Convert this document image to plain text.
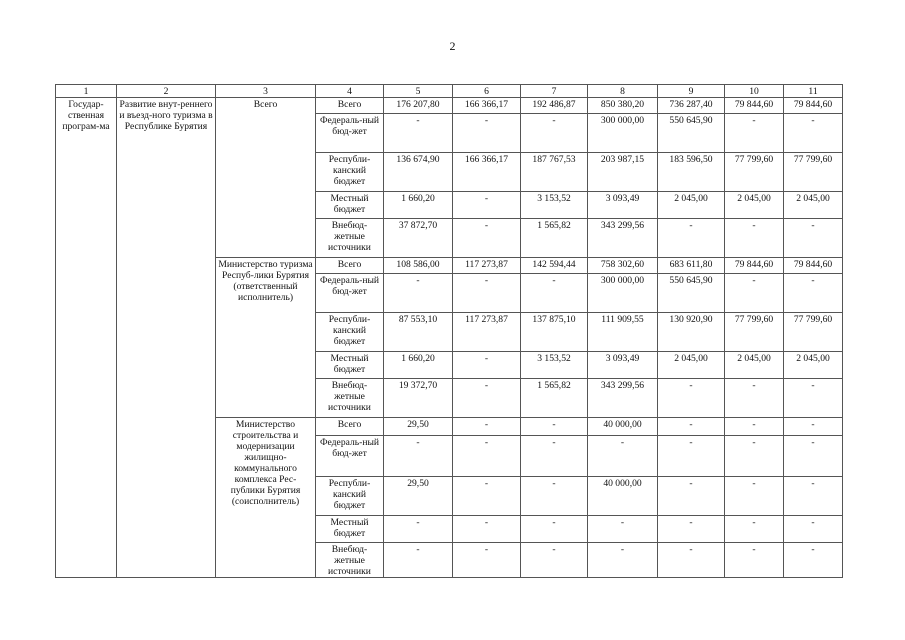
2
1	2	3	4	5	6	7	8	9	10	11
Государ-ственная програм-ма	Развитие внут-реннего и въезд-ного туризма в Республике Бурятия	Всего	Всего	176 207,80	166 366,17	192 486,87	850 380,20	736 287,40	79 844,60	79 844,60
			Федераль-ный бюд-жет	-	-	-	300 000,00	550 645,90	-	-
			Республи-канский бюджет	136 674,90	166 366,17	187 767,53	203 987,15	183 596,50	77 799,60	77 799,60
			Местный бюджет	1 660,20	-	3 153,52	3 093,49	2 045,00	2 045,00	2 045,00
			Внебюд-жетные источники	37 872,70	-	1 565,82	343 299,56	-	-	-
		Министерство туризма Респуб-лики Бурятия (ответственный исполнитель)	Всего	108 586,00	117 273,87	142 594,44	758 302,60	683 611,80	79 844,60	79 844,60
			Федераль-ный бюд-жет	-	-	-	300 000,00	550 645,90	-	-
			Республи-канский бюджет	87 553,10	117 273,87	137 875,10	111 909,55	130 920,90	77 799,60	77 799,60
			Местный бюджет	1 660,20	-	3 153,52	3 093,49	2 045,00	2 045,00	2 045,00
			Внебюд-жетные источники	19 372,70	-	1 565,82	343 299,56	-	-	-
		Министерство строительства и модернизации жилищно-коммунального комплекса Рес-публики Бурятия (соисполнитель)	Всего	29,50	-	-	40 000,00	-	-	-
			Федераль-ный бюд-жет	-	-	-	-	-	-	-
			Республи-канский бюджет	29,50	-	-	40 000,00	-	-	-
			Местный бюджет	-	-	-	-	-	-	-
			Внебюд-жетные источники	-	-	-	-	-	-	-
